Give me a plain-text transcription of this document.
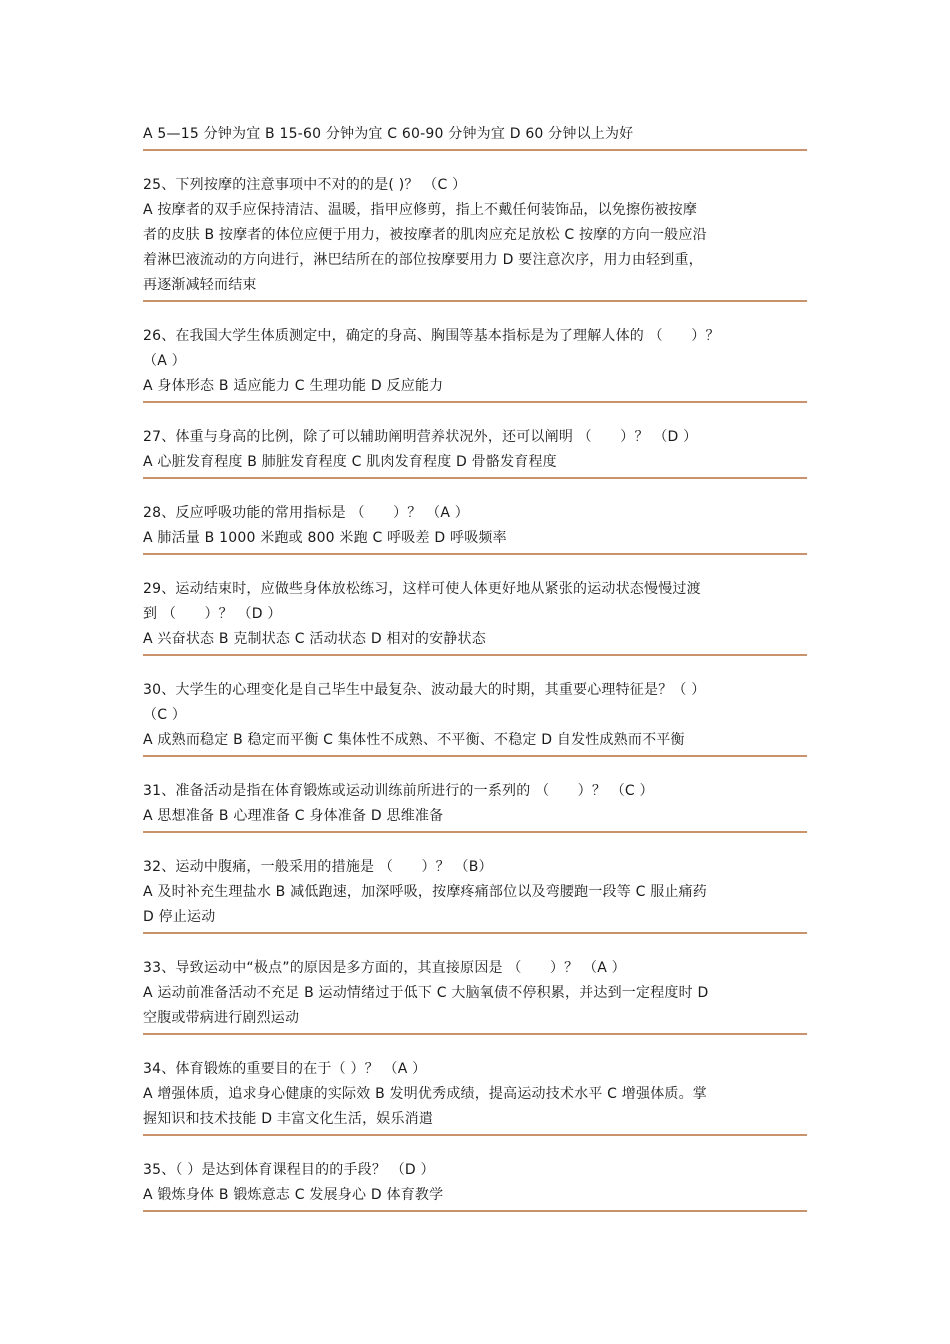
A 5—15 分钟为宜 B 15-60 分钟为宜 C 60-90 分钟为宜 D 60 分钟以上为好
25、下列按摩的注意事项中不对的的是( )？ （C ）
A 按摩者的双手应保持清洁、温暖，指甲应修剪，指上不戴任何装饰品，以免擦伤被按摩
者的皮肤 B 按摩者的体位应便于用力，被按摩者的肌肉应充足放松 C 按摩的方向一般应沿
着淋巴液流动的方向进行，淋巴结所在的部位按摩要用力 D 要注意次序，用力由轻到重，
再逐渐减轻而结束
26、在我国大学生体质测定中，确定的身高、胸围等基本指标是为了理解人体的 （　　）？
（A ）
A 身体形态 B 适应能力 C 生理功能 D 反应能力
27、体重与身高的比例，除了可以辅助阐明营养状况外，还可以阐明 （　　）？ （D ）
A 心脏发育程度 B 肺脏发育程度 C 肌肉发育程度 D 骨骼发育程度
28、反应呼吸功能的常用指标是 （　　）？ （A ）
A 肺活量 B 1000 米跑或 800 米跑 C 呼吸差 D 呼吸频率
29、运动结束时，应做些身体放松练习，这样可使人体更好地从紧张的运动状态慢慢过渡
到 （　　）？ （D ）
A 兴奋状态 B 克制状态 C 活动状态 D 相对的安静状态
30、大学生的心理变化是自己毕生中最复杂、波动最大的时期，其重要心理特征是？（ ）
（C ）
A 成熟而稳定 B 稳定而平衡 C 集体性不成熟、不平衡、不稳定 D 自发性成熟而不平衡
31、准备活动是指在体育锻炼或运动训练前所进行的一系列的 （　　）？ （C ）
A 思想准备 B 心理准备 C 身体准备 D 思维准备
32、运动中腹痛，一般采用的措施是 （　　）？ （B）
A 及时补充生理盐水 B 减低跑速，加深呼吸，按摩疼痛部位以及弯腰跑一段等 C 服止痛药
D 停止运动
33、导致运动中“极点”的原因是多方面的，其直接原因是 （　　）？ （A ）
A 运动前准备活动不充足 B 运动情绪过于低下 C 大脑氧债不停积累，并达到一定程度时 D
空腹或带病进行剧烈运动
34、体育锻炼的重要目的在于（ ）？ （A ）
A 增强体质，追求身心健康的实际效 B 发明优秀成绩，提高运动技术水平 C 增强体质。掌
握知识和技术技能 D 丰富文化生活，娱乐消遣
35、（ ）是达到体育课程目的的手段？ （D ）
A 锻炼身体 B 锻炼意志 C 发展身心 D 体育教学
